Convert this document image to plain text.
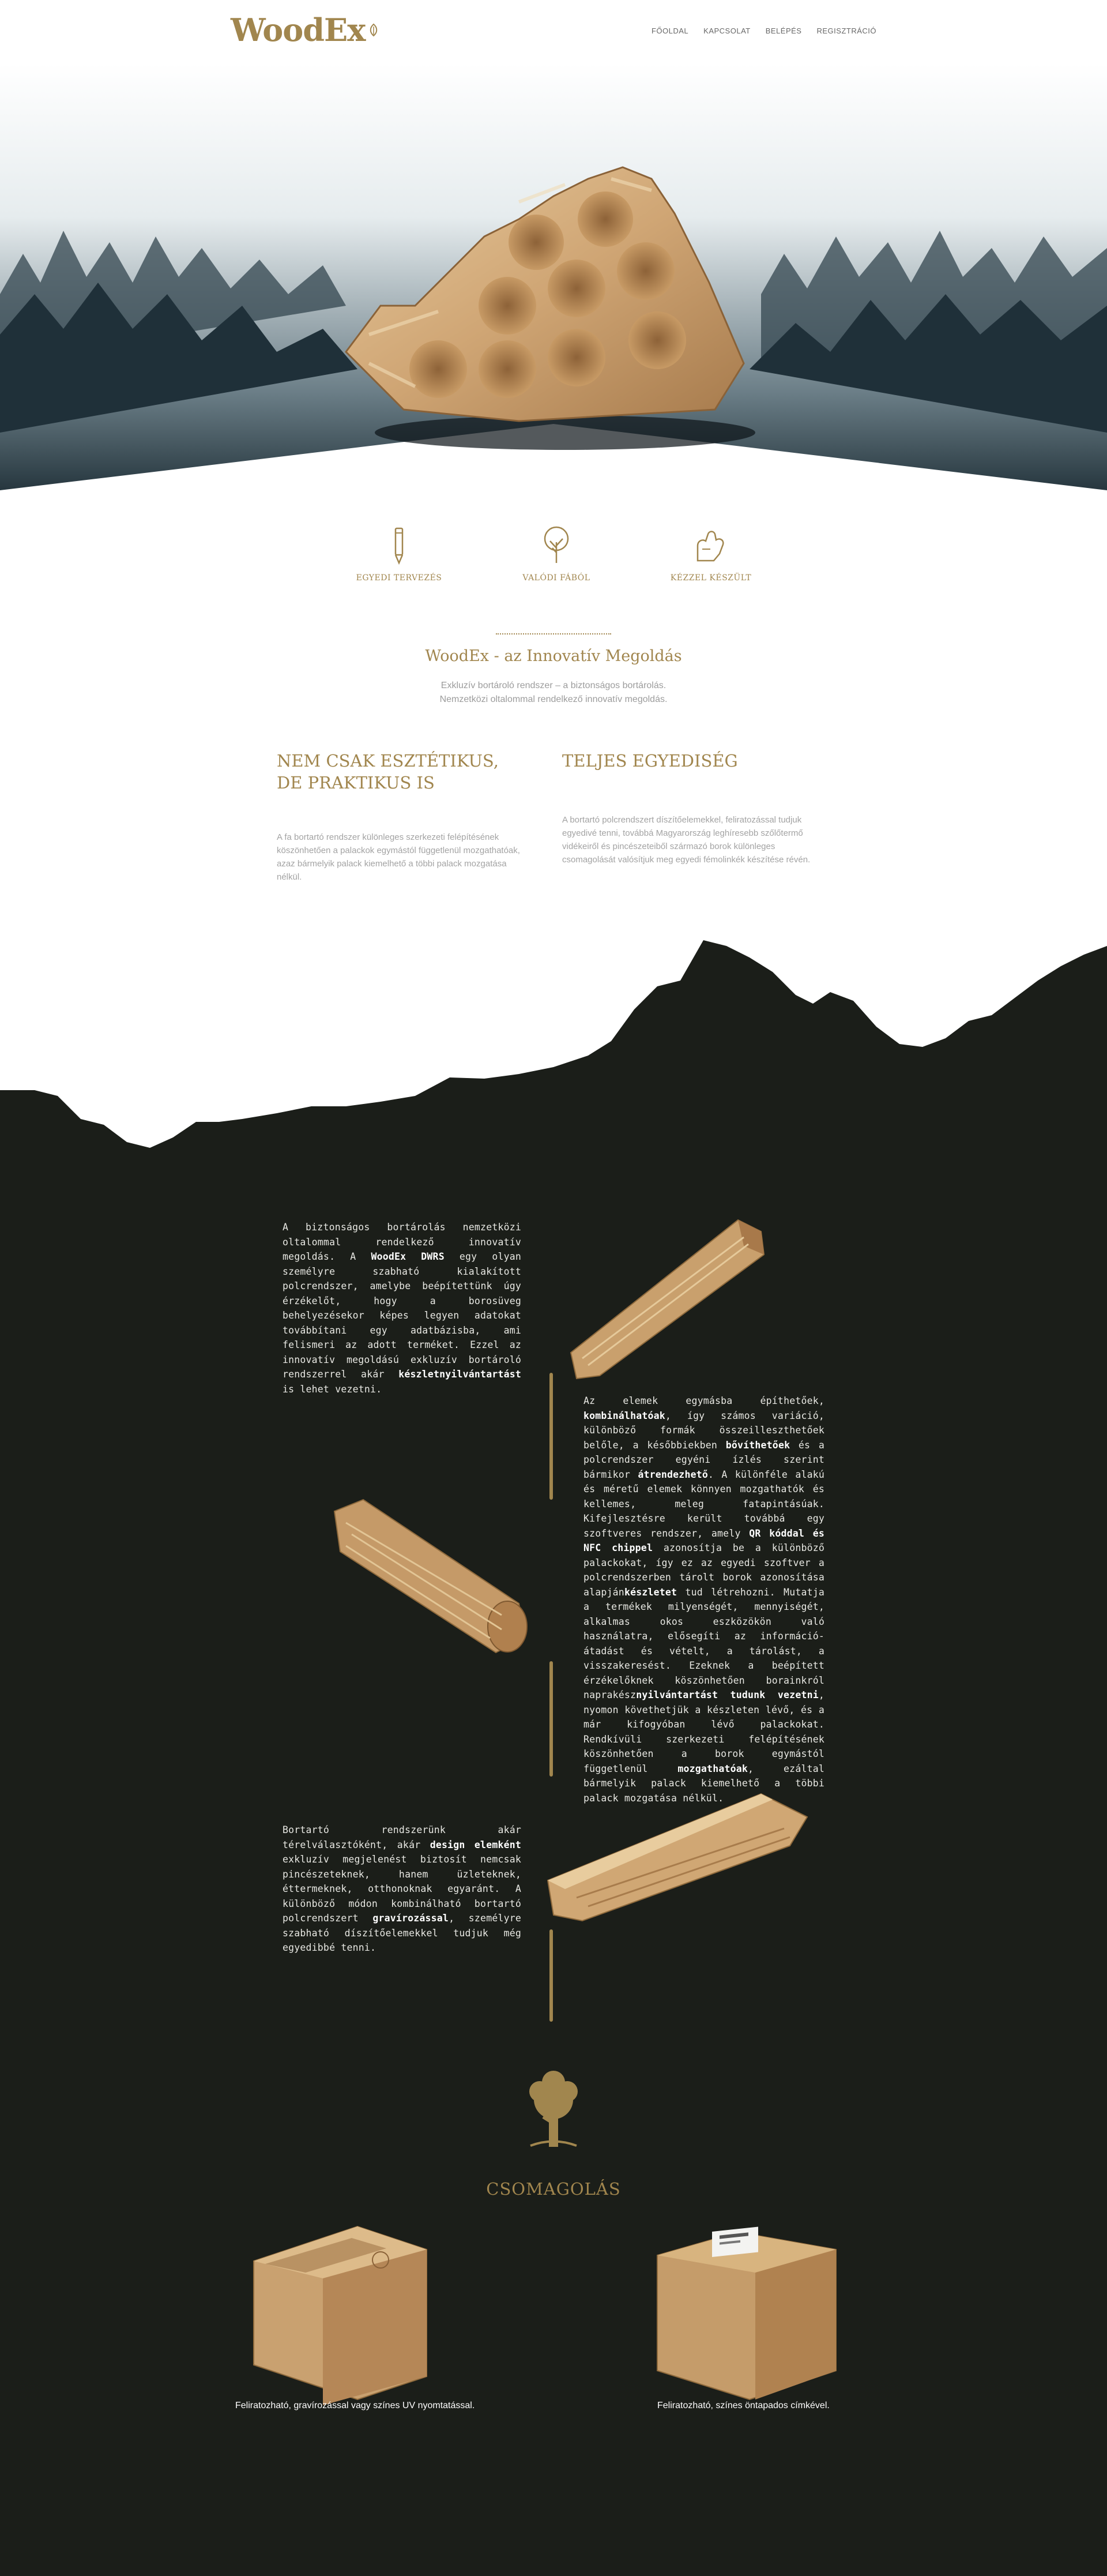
WoodEx	FŐOLDAL KAPCSOLAT BELÉPÉS REGISZTRÁCIÓ
EGYEDI TERVEZÉS	VALÓDI FÁBÓL	KÉZZEL KÉSZÜLT
WoodEx - az Innovatív Megoldás
Exkluzív bortároló rendszer – a biztonságos bortárolás.
Nemzetközi oltalommal rendelkező innovatív megoldás.
NEM CSAK ESZTÉTIKUS,
DE PRAKTIKUS IS
A fa bortartó rendszer különleges szerkezeti felépítésének köszönhetően a palackok egymástól függetlenül mozgathatóak, azaz bármelyik palack kiemelhető a többi palack mozgatása nélkül.
TELJES EGYEDISÉG
A bortartó polcrendszert díszítőelemekkel, feliratozással tudjuk egyedivé tenni, továbbá Magyarország leghíresebb szőlőtermő vidékeiről és pincészeteiből származó borok különleges csomagolását valósítjuk meg egyedi fémolinkék készítése révén.
A biztonságos bortárolás nemzetközi oltalommal rendelkező innovatív megoldás. A WoodEx DWRS egy olyan személyre szabható kialakított polcrendszer, amelybe beépítettünk úgy érzékelőt, hogy a borosüveg behelyezésekor képes legyen adatokat továbbítani egy adatbázisba, ami felismeri az adott terméket. Ezzel az innovatív megoldású exkluzív bortároló rendszerrel akár készletnyilvántartást is lehet vezetni.
Az elemek egymásba építhetőek, kombinálhatóak, így számos variáció, különböző formák összeilleszthetőek belőle, a későbbiekben bővíthetőek és a polcrendszer egyéni ízlés szerint bármikor átrendezhető. A különféle alakú és méretű elemek könnyen mozgathatók és kellemes, meleg fatapintásúak. Kifejlesztésre került továbbá egy szoftveres rendszer, amely QR kóddal és NFC chippel azonosítja be a különböző palackokat, így ez az egyedi szoftver a polcrendszerben tárolt borok azonosítása alapjánkészletet tud létrehozni. Mutatja a termékek milyenségét, mennyiségét, alkalmas okos eszközökön való használatra, elősegíti az információ-átadást és vételt, a tárolást, a visszakeresést. Ezeknek a beépített érzékelőknek köszönhetően borainkról naprakésznyilvántartást tudunk vezetni, nyomon követhetjük a készleten lévő, és a már kifogyóban lévő palackokat. Rendkívüli szerkezeti felépítésének köszönhetően a borok egymástól függetlenül mozgathatóak, ezáltal bármelyik palack kiemelhető a többi palack mozgatása nélkül.
Bortartó rendszerünk akár térelválasztóként, akár design elemként exkluzív megjelenést biztosít nemcsak pincészeteknek, hanem üzleteknek, éttermeknek, otthonoknak egyaránt. A különböző módon kombinálható bortartó polcrendszert gravírozással, személyre szabható díszítőelemekkel tudjuk még egyedibbé tenni.
CSOMAGOLÁS
Feliratozható, gravírozással vagy színes UV nyomtatással.	Feliratozható, színes öntapados címkével.
